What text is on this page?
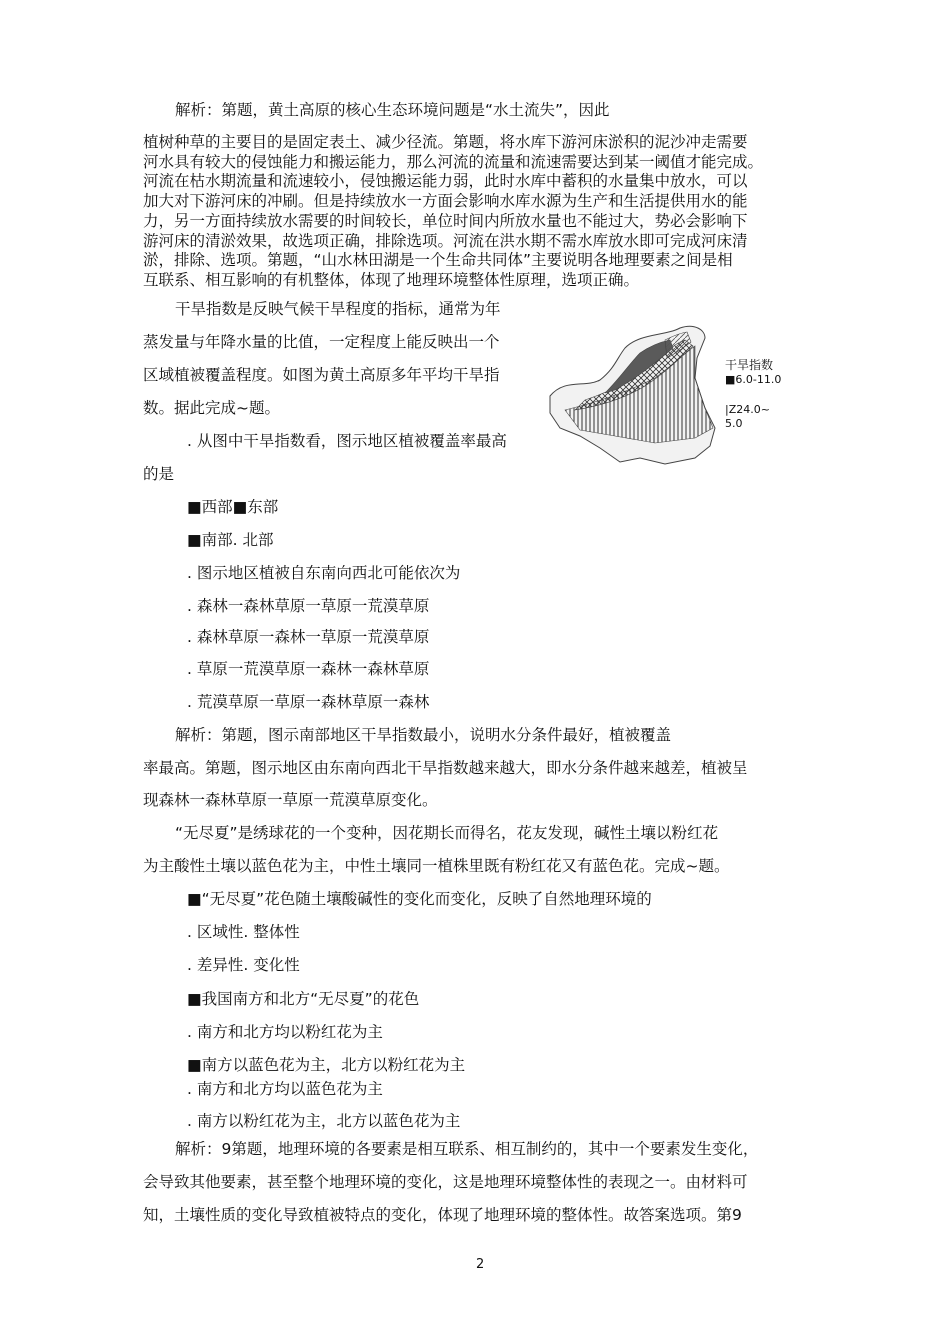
解析：第题，黄土高原的核心生态环境问题是“水土流失”，因此

植树种草的主要目的是固定表土、减少径流。第题，将水库下游河床淤积的泥沙冲走需要

河水具有较大的侵蚀能力和搬运能力，那么河流的流量和流速需要达到某一阈值才能完成。

河流在枯水期流量和流速较小，侵蚀搬运能力弱，此时水库中蓄积的水量集中放水，可以

加大对下游河床的冲刷。但是持续放水一方面会影响水库水源为生产和生活提供用水的能

力，另一方面持续放水需要的时间较长，单位时间内所放水量也不能过大，势必会影响下

游河床的清淤效果，故选项正确，排除选项。河流在洪水期不需水库放水即可完成河床清

淤，排除、选项。第题，“山水林田湖是一个生命共同体”主要说明各地理要素之间是相

互联系、相互影响的有机整体，体现了地理环境整体性原理，选项正确。

干旱指数是反映气候干旱程度的指标，通常为年
蒸发量与年降水量的比值，一定程度上能反映出一个
区域植被覆盖程度。如图为黄土高原多年平均干旱指
数。据此完成~题。
. 从图中干旱指数看，图示地区植被覆盖率最高
的是
■西部■东部
■南部. 北部
. 图示地区植被自东南向西北可能依次为
. 森林一森林草原一草原一荒漠草原
. 森林草原一森林一草原一荒漠草原
. 草原一荒漠草原一森林一森林草原
. 荒漠草原一草原一森林草原一森林
解析：第题，图示南部地区干旱指数最小，说明水分条件最好，植被覆盖
率最高。第题，图示地区由东南向西北干旱指数越来越大，即水分条件越来越差，植被呈
现森林一森林草原一草原一荒漠草原变化。
“无尽夏”是绣球花的一个变种，因花期长而得名，花友发现，碱性土壤以粉红花
为主酸性土壤以蓝色花为主，中性土壤同一植株里既有粉红花又有蓝色花。完成~题。
■“无尽夏”花色随土壤酸碱性的变化而变化，反映了自然地理环境的
. 区域性. 整体性
. 差异性. 变化性
■我国南方和北方“无尽夏”的花色
. 南方和北方均以粉红花为主
■南方以蓝色花为主，北方以粉红花为主
. 南方和北方均以蓝色花为主
. 南方以粉红花为主，北方以蓝色花为主
解析：9第题，地理环境的各要素是相互联系、相互制约的，其中一个要素发生变化，
会导致其他要素，甚至整个地理环境的变化，这是地理环境整体性的表现之一。由材料可
知，土壤性质的变化导致植被特点的变化，体现了地理环境的整体性。故答案选项。第9
干旱指数
■6.0-11.0
|Z24.0~
5.0
2
